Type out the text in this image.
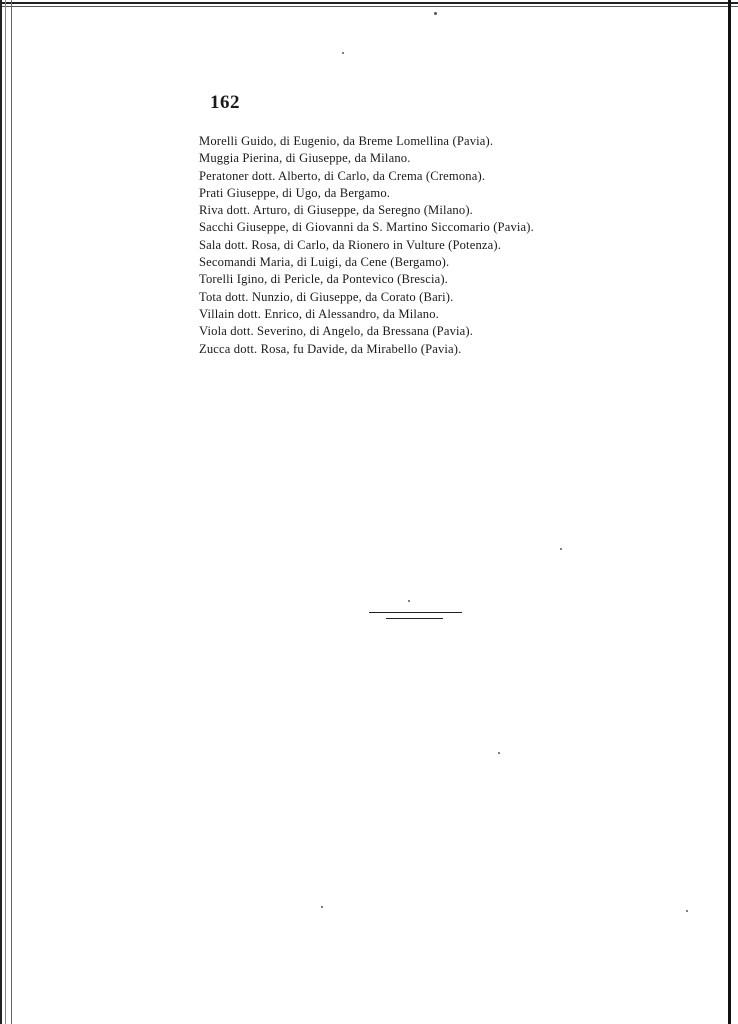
162
Morelli Guido, di Eugenio, da Breme Lomellina (Pavia).
Muggia Pierina, di Giuseppe, da Milano.
Peratoner dott. Alberto, di Carlo, da Crema (Cremona).
Prati Giuseppe, di Ugo, da Bergamo.
Riva dott. Arturo, di Giuseppe, da Seregno (Milano).
Sacchi Giuseppe, di Giovanni da S. Martino Siccomario (Pavia).
Sala dott. Rosa, di Carlo, da Rionero in Vulture (Potenza).
Secomandi Maria, di Luigi, da Cene (Bergamo).
Torelli Igino, di Pericle, da Pontevico (Brescia).
Tota dott. Nunzio, di Giuseppe, da Corato (Bari).
Villain dott. Enrico, di Alessandro, da Milano.
Viola dott. Severino, di Angelo, da Bressana (Pavia).
Zucca dott. Rosa, fu Davide, da Mirabello (Pavia).
